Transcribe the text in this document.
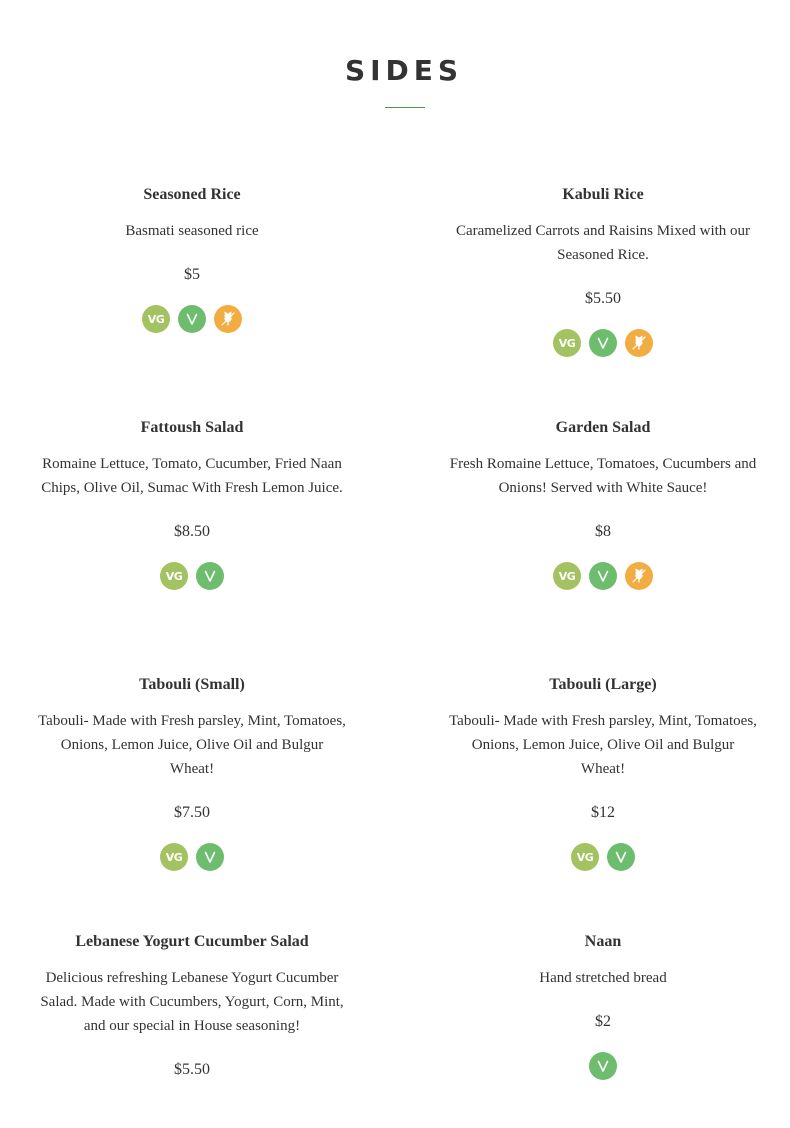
SIDES
Seasoned Rice

Basmati seasoned rice

$5

VG
Kabuli Rice

Caramelized Carrots and Raisins Mixed with our Seasoned Rice.

$5.50

VG
Fattoush Salad

Romaine Lettuce, Tomato, Cucumber, Fried Naan Chips, Olive Oil, Sumac With Fresh Lemon Juice.

$8.50

VG
Garden Salad

Fresh Romaine Lettuce, Tomatoes, Cucumbers and Onions! Served with White Sauce!

$8

VG
Tabouli (Small)

Tabouli- Made with Fresh parsley, Mint, Tomatoes, Onions, Lemon Juice, Olive Oil and Bulgur Wheat!

$7.50

VG
Tabouli (Large)

Tabouli- Made with Fresh parsley, Mint, Tomatoes, Onions, Lemon Juice, Olive Oil and Bulgur Wheat!

$12

VG
Lebanese Yogurt Cucumber Salad

Delicious refreshing Lebanese Yogurt Cucumber Salad. Made with Cucumbers, Yogurt, Corn, Mint, and our special in House seasoning!

$5.50

Naan

Hand stretched bread

$2
